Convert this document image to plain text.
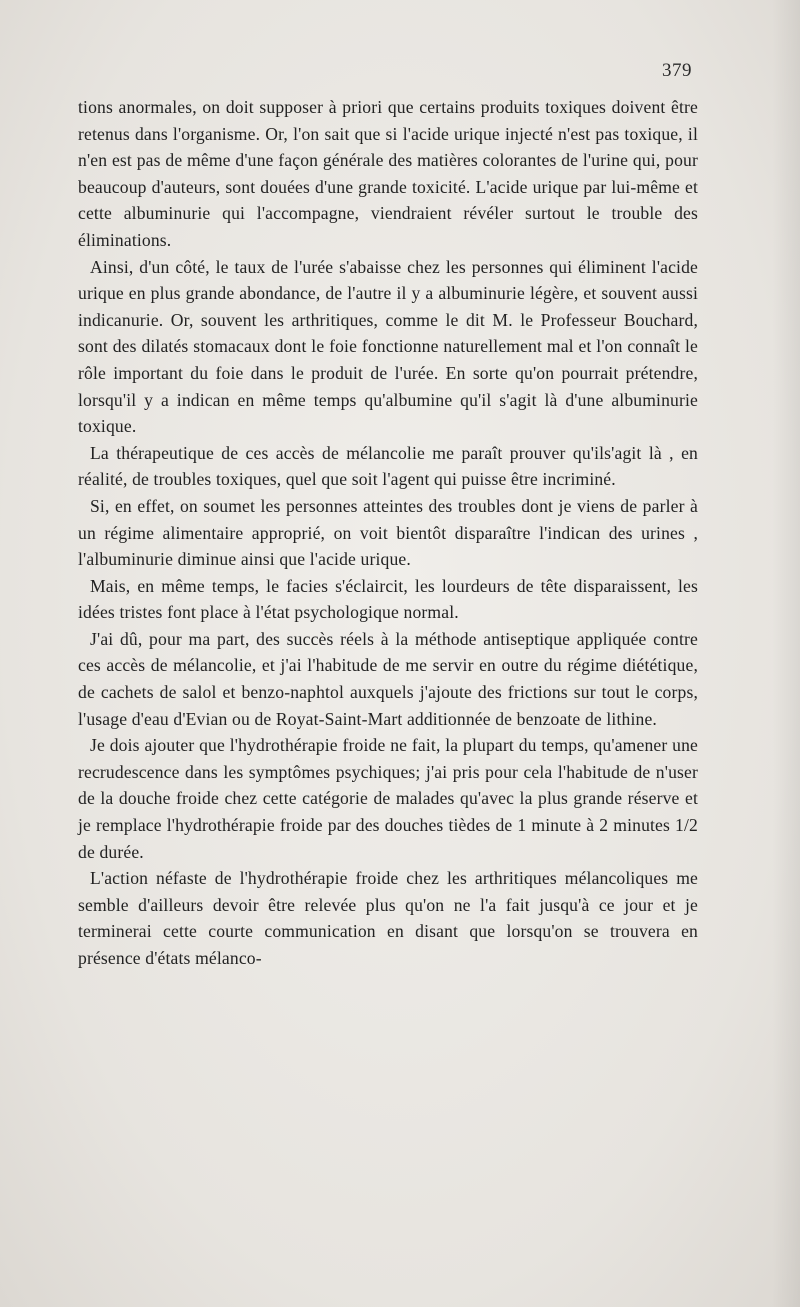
379

tions anormales, on doit supposer à priori que certains produits toxiques doivent être retenus dans l'organisme. Or, l'on sait que si l'acide urique injecté n'est pas toxique, il n'en est pas de même d'une façon générale des matières colorantes de l'urine qui, pour beaucoup d'auteurs, sont douées d'une grande toxicité. L'acide urique par lui-même et cette albuminurie qui l'accompagne, viendraient révéler surtout le trouble des éliminations.

Ainsi, d'un côté, le taux de l'urée s'abaisse chez les personnes qui éliminent l'acide urique en plus grande abondance, de l'autre il y a albuminurie légère, et souvent aussi indicanurie. Or, souvent les arthritiques, comme le dit M. le Professeur Bouchard, sont des dilatés stomacaux dont le foie fonctionne naturellement mal et l'on connaît le rôle important du foie dans le produit de l'urée. En sorte qu'on pourrait prétendre, lorsqu'il y a indican en même temps qu'albumine qu'il s'agit là d'une albuminurie toxique.

La thérapeutique de ces accès de mélancolie me paraît prouver qu'ils'agit là , en réalité, de troubles toxiques, quel que soit l'agent qui puisse être incriminé.

Si, en effet, on soumet les personnes atteintes des troubles dont je viens de parler à un régime alimentaire approprié, on voit bientôt disparaître l'indican des urines , l'albuminurie diminue ainsi que l'acide urique.

Mais, en même temps, le facies s'éclaircit, les lourdeurs de tête disparaissent, les idées tristes font place à l'état psychologique normal.

J'ai dû, pour ma part, des succès réels à la méthode antiseptique appliquée contre ces accès de mélancolie, et j'ai l'habitude de me servir en outre du régime diététique, de cachets de salol et benzo-naphtol auxquels j'ajoute des frictions sur tout le corps, l'usage d'eau d'Evian ou de Royat-Saint-Mart additionnée de benzoate de lithine.

Je dois ajouter que l'hydrothérapie froide ne fait, la plupart du temps, qu'amener une recrudescence dans les symptômes psychiques; j'ai pris pour cela l'habitude de n'user de la douche froide chez cette catégorie de malades qu'avec la plus grande réserve et je remplace l'hydrothérapie froide par des douches tièdes de 1 minute à 2 minutes 1/2 de durée.

L'action néfaste de l'hydrothérapie froide chez les arthritiques mélancoliques me semble d'ailleurs devoir être relevée plus qu'on ne l'a fait jusqu'à ce jour et je terminerai cette courte communication en disant que lorsqu'on se trouvera en présence d'états mélanco-
